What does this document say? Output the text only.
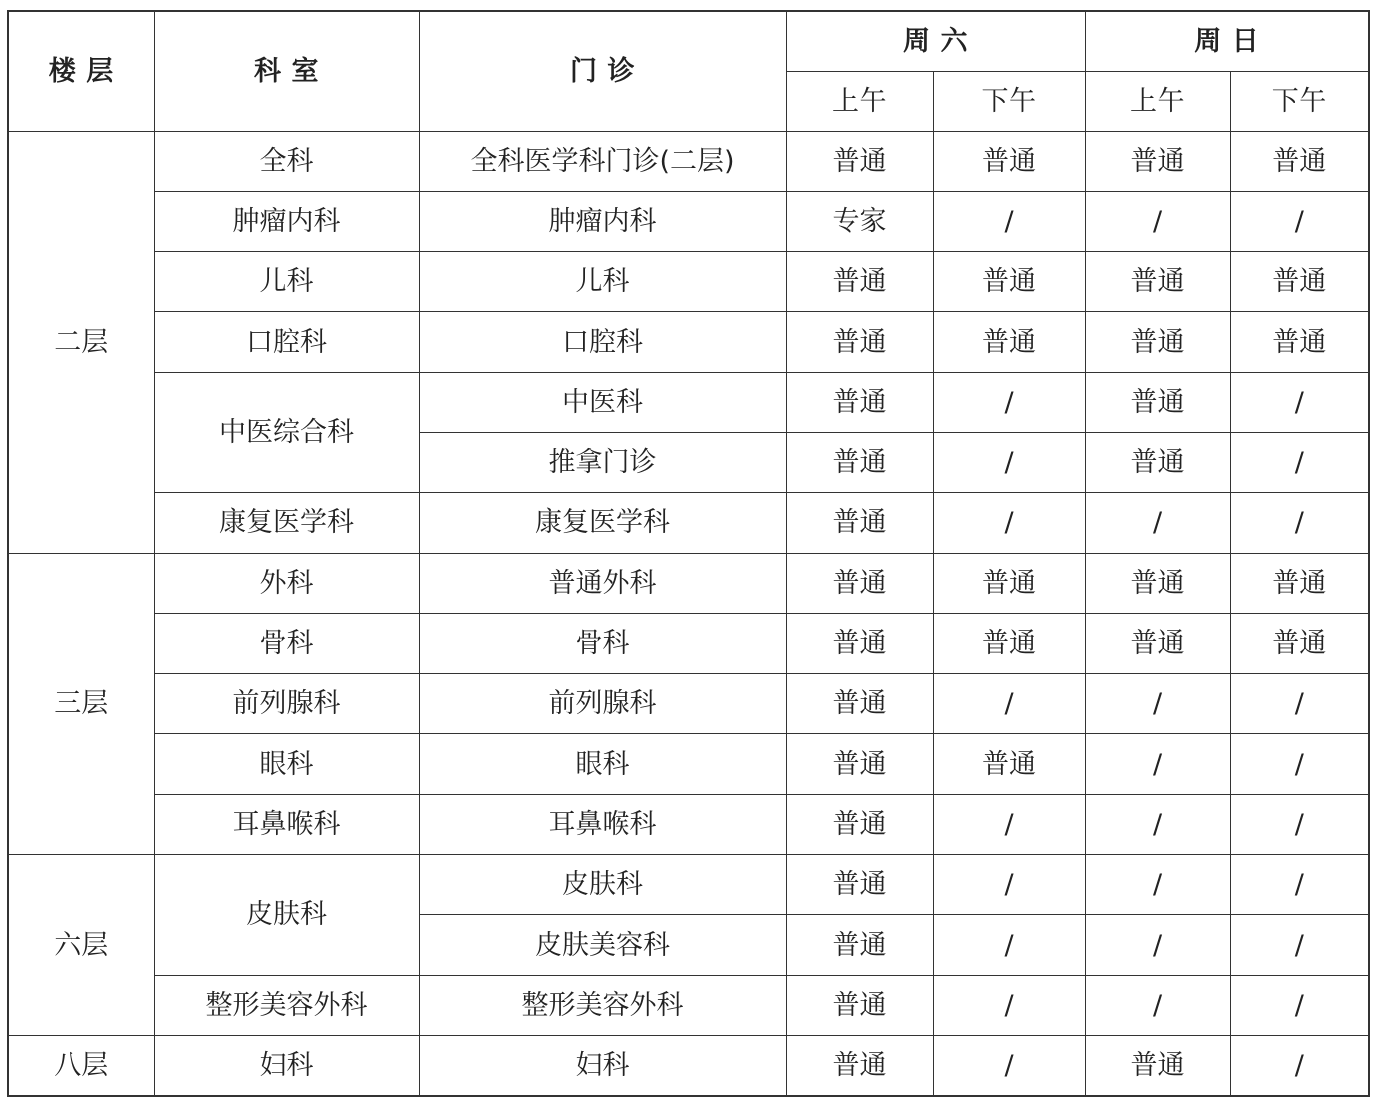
楼 层	科 室	门 诊	周 六		周 日	
			上午	下午	上午	下午
二层	全科	全科医学科门诊(二层)	普通	普通	普通	普通
	肿瘤内科	肿瘤内科	专家	/	/	/
	儿科	儿科	普通	普通	普通	普通
	口腔科	口腔科	普通	普通	普通	普通
	中医综合科	中医科	普通	/	普通	/
		推拿门诊	普通	/	普通	/
	康复医学科	康复医学科	普通	/	/	/
三层	外科	普通外科	普通	普通	普通	普通
	骨科	骨科	普通	普通	普通	普通
	前列腺科	前列腺科	普通	/	/	/
	眼科	眼科	普通	普通	/	/
	耳鼻喉科	耳鼻喉科	普通	/	/	/
六层	皮肤科	皮肤科	普通	/	/	/
		皮肤美容科	普通	/	/	/
	整形美容外科	整形美容外科	普通	/	/	/
八层	妇科	妇科	普通	/	普通	/
